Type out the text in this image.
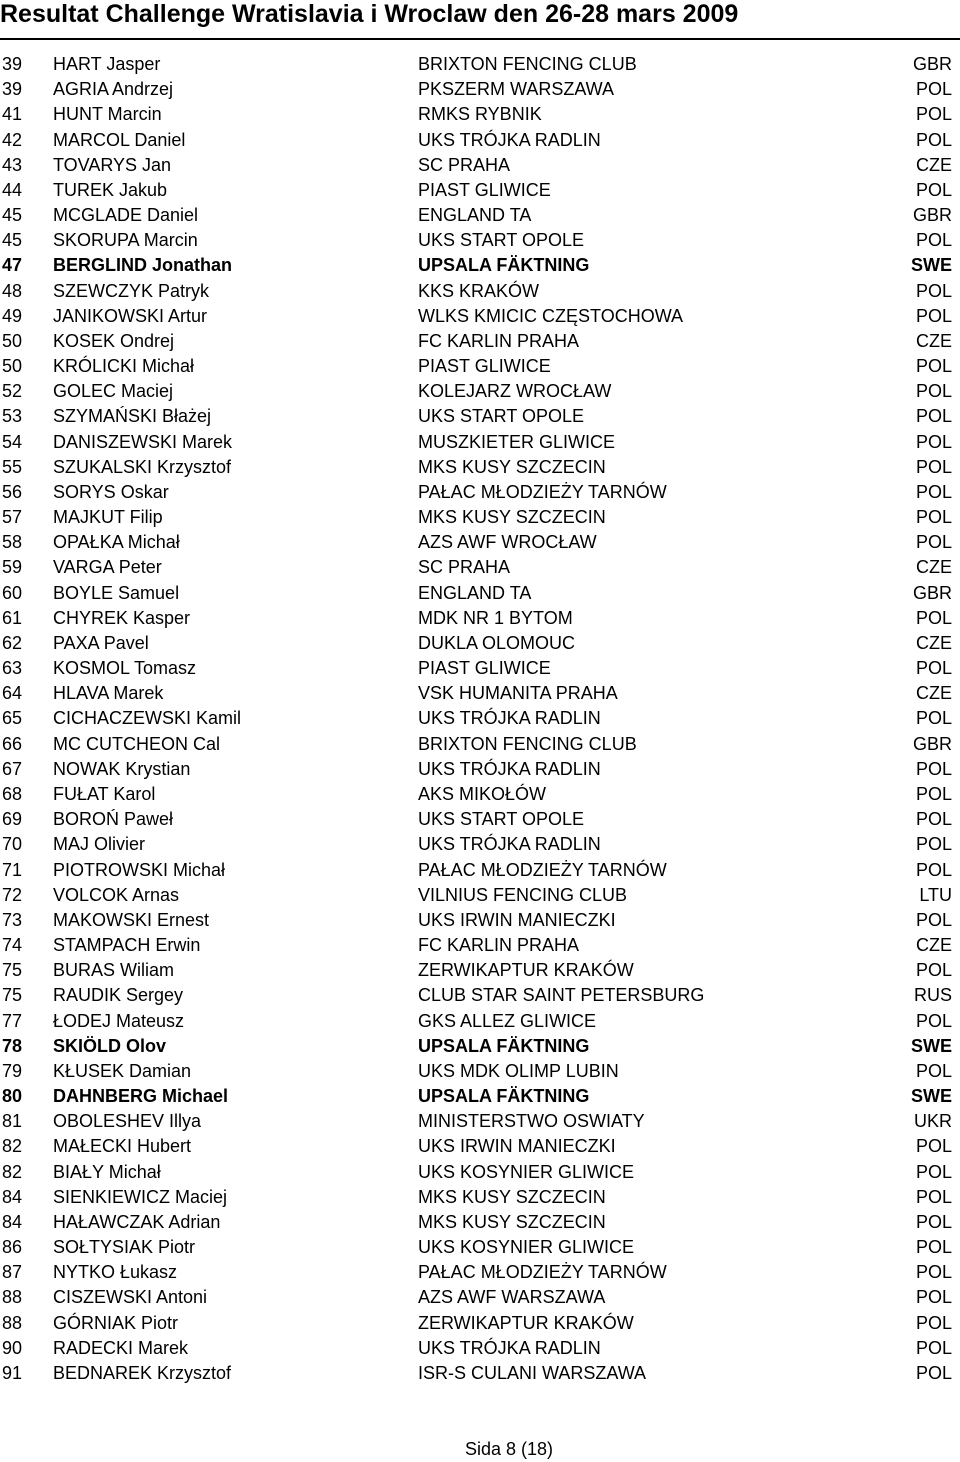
Resultat Challenge Wratislavia i Wroclaw den 26-28 mars 2009
39 HART Jasper	BRIXTON FENCING CLUB	GBR
39 AGRIA Andrzej	PKSZERM WARSZAWA	POL
41 HUNT Marcin	RMKS RYBNIK	POL
42 MARCOL Daniel	UKS TRÓJKA RADLIN	POL
43 TOVARYS Jan	SC PRAHA	CZE
44 TUREK Jakub	PIAST GLIWICE	POL
45 MCGLADE Daniel	ENGLAND TA	GBR
45 SKORUPA Marcin	UKS START OPOLE	POL
47 BERGLIND Jonathan	UPSALA FÄKTNING	SWE
48 SZEWCZYK Patryk	KKS KRAKÓW	POL
49 JANIKOWSKI Artur	WLKS KMICIC CZĘSTOCHOWA	POL
50 KOSEK Ondrej	FC KARLIN PRAHA	CZE
50 KRÓLICKI Michał	PIAST GLIWICE	POL
52 GOLEC Maciej	KOLEJARZ WROCŁAW	POL
53 SZYMAŃSKI Błażej	UKS START OPOLE	POL
54 DANISZEWSKI Marek	MUSZKIETER GLIWICE	POL
55 SZUKALSKI Krzysztof	MKS KUSY SZCZECIN	POL
56 SORYS Oskar	PAŁAC MŁODZIEŻY TARNÓW	POL
57 MAJKUT Filip	MKS KUSY SZCZECIN	POL
58 OPAŁKA Michał	AZS AWF WROCŁAW	POL
59 VARGA Peter	SC PRAHA	CZE
60 BOYLE Samuel	ENGLAND TA	GBR
61 CHYREK Kasper	MDK NR 1 BYTOM	POL
62 PAXA Pavel	DUKLA OLOMOUC	CZE
63 KOSMOL Tomasz	PIAST GLIWICE	POL
64 HLAVA Marek	VSK HUMANITA PRAHA	CZE
65 CICHACZEWSKI Kamil	UKS TRÓJKA RADLIN	POL
66 MC CUTCHEON Cal	BRIXTON FENCING CLUB	GBR
67 NOWAK Krystian	UKS TRÓJKA RADLIN	POL
68 FUŁAT Karol	AKS MIKOŁÓW	POL
69 BOROŃ Paweł	UKS START OPOLE	POL
70 MAJ Olivier	UKS TRÓJKA RADLIN	POL
71 PIOTROWSKI Michał	PAŁAC MŁODZIEŻY TARNÓW	POL
72 VOLCOK Arnas	VILNIUS FENCING CLUB	LTU
73 MAKOWSKI Ernest	UKS IRWIN MANIECZKI	POL
74 STAMPACH Erwin	FC KARLIN PRAHA	CZE
75 BURAS Wiliam	ZERWIKAPTUR KRAKÓW	POL
75 RAUDIK Sergey	CLUB STAR SAINT PETERSBURG	RUS
77 ŁODEJ Mateusz	GKS ALLEZ GLIWICE	POL
78 SKIÖLD Olov	UPSALA FÄKTNING	SWE
79 KŁUSEK Damian	UKS MDK OLIMP LUBIN	POL
80 DAHNBERG Michael	UPSALA FÄKTNING	SWE
81 OBOLESHEV Illya	MINISTERSTWO OSWIATY	UKR
82 MAŁECKI Hubert	UKS IRWIN MANIECZKI	POL
82 BIAŁY Michał	UKS KOSYNIER GLIWICE	POL
84 SIENKIEWICZ Maciej	MKS KUSY SZCZECIN	POL
84 HAŁAWCZAK Adrian	MKS KUSY SZCZECIN	POL
86 SOŁTYSIAK Piotr	UKS KOSYNIER GLIWICE	POL
87 NYTKO Łukasz	PAŁAC MŁODZIEŻY TARNÓW	POL
88 CISZEWSKI Antoni	AZS AWF WARSZAWA	POL
88 GÓRNIAK Piotr	ZERWIKAPTUR KRAKÓW	POL
90 RADECKI Marek	UKS TRÓJKA RADLIN	POL
91 BEDNAREK Krzysztof	ISR-S CULANI WARSZAWA	POL
Sida 8 (18)
